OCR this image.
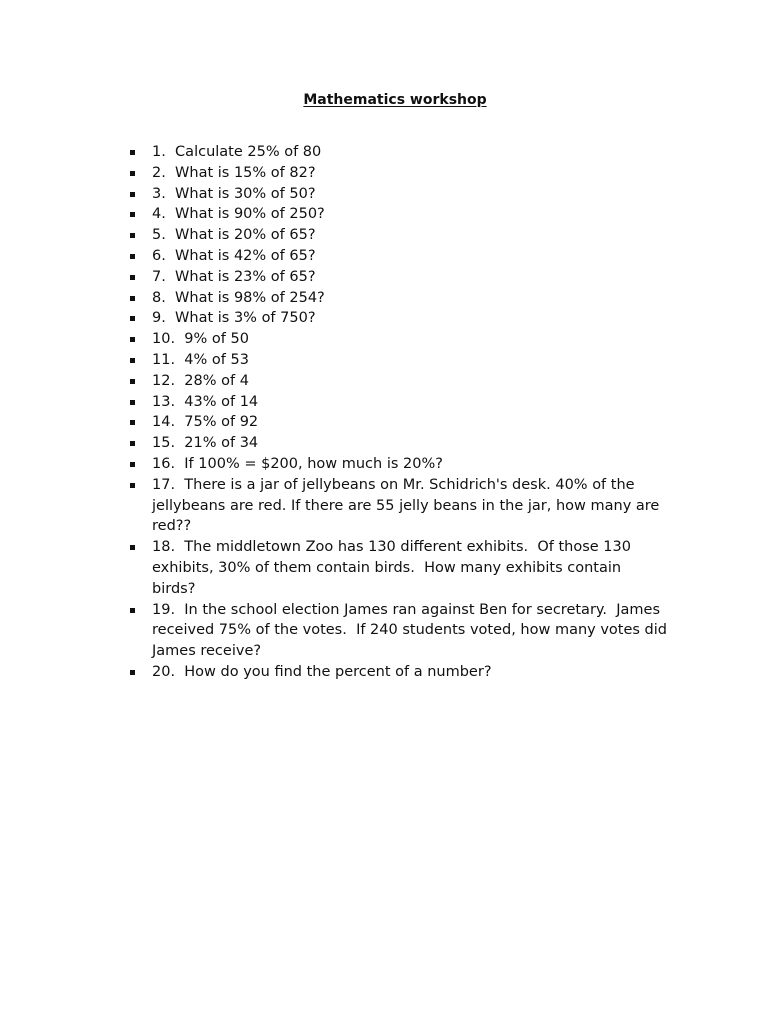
Mathematics workshop
1.  Calculate 25% of 80
2.  What is 15% of 82?
3.  What is 30% of 50?
4.  What is 90% of 250?
5.  What is 20% of 65?
6.  What is 42% of 65?
7.  What is 23% of 65?
8.  What is 98% of 254?
9.  What is 3% of 750?
10.  9% of 50
11.  4% of 53
12.  28% of 4
13.  43% of 14
14.  75% of 92
15.  21% of 34
16.  If 100% = $200, how much is 20%?
17.  There is a jar of jellybeans on Mr. Schidrich's desk. 40% of the jellybeans are red. If there are 55 jelly beans in the jar, how many are red??
18.  The middletown Zoo has 130 different exhibits.  Of those 130 exhibits, 30% of them contain birds.  How many exhibits contain birds?
19.  In the school election James ran against Ben for secretary.  James received 75% of the votes.  If 240 students voted, how many votes did James receive?
20.  How do you find the percent of a number?
